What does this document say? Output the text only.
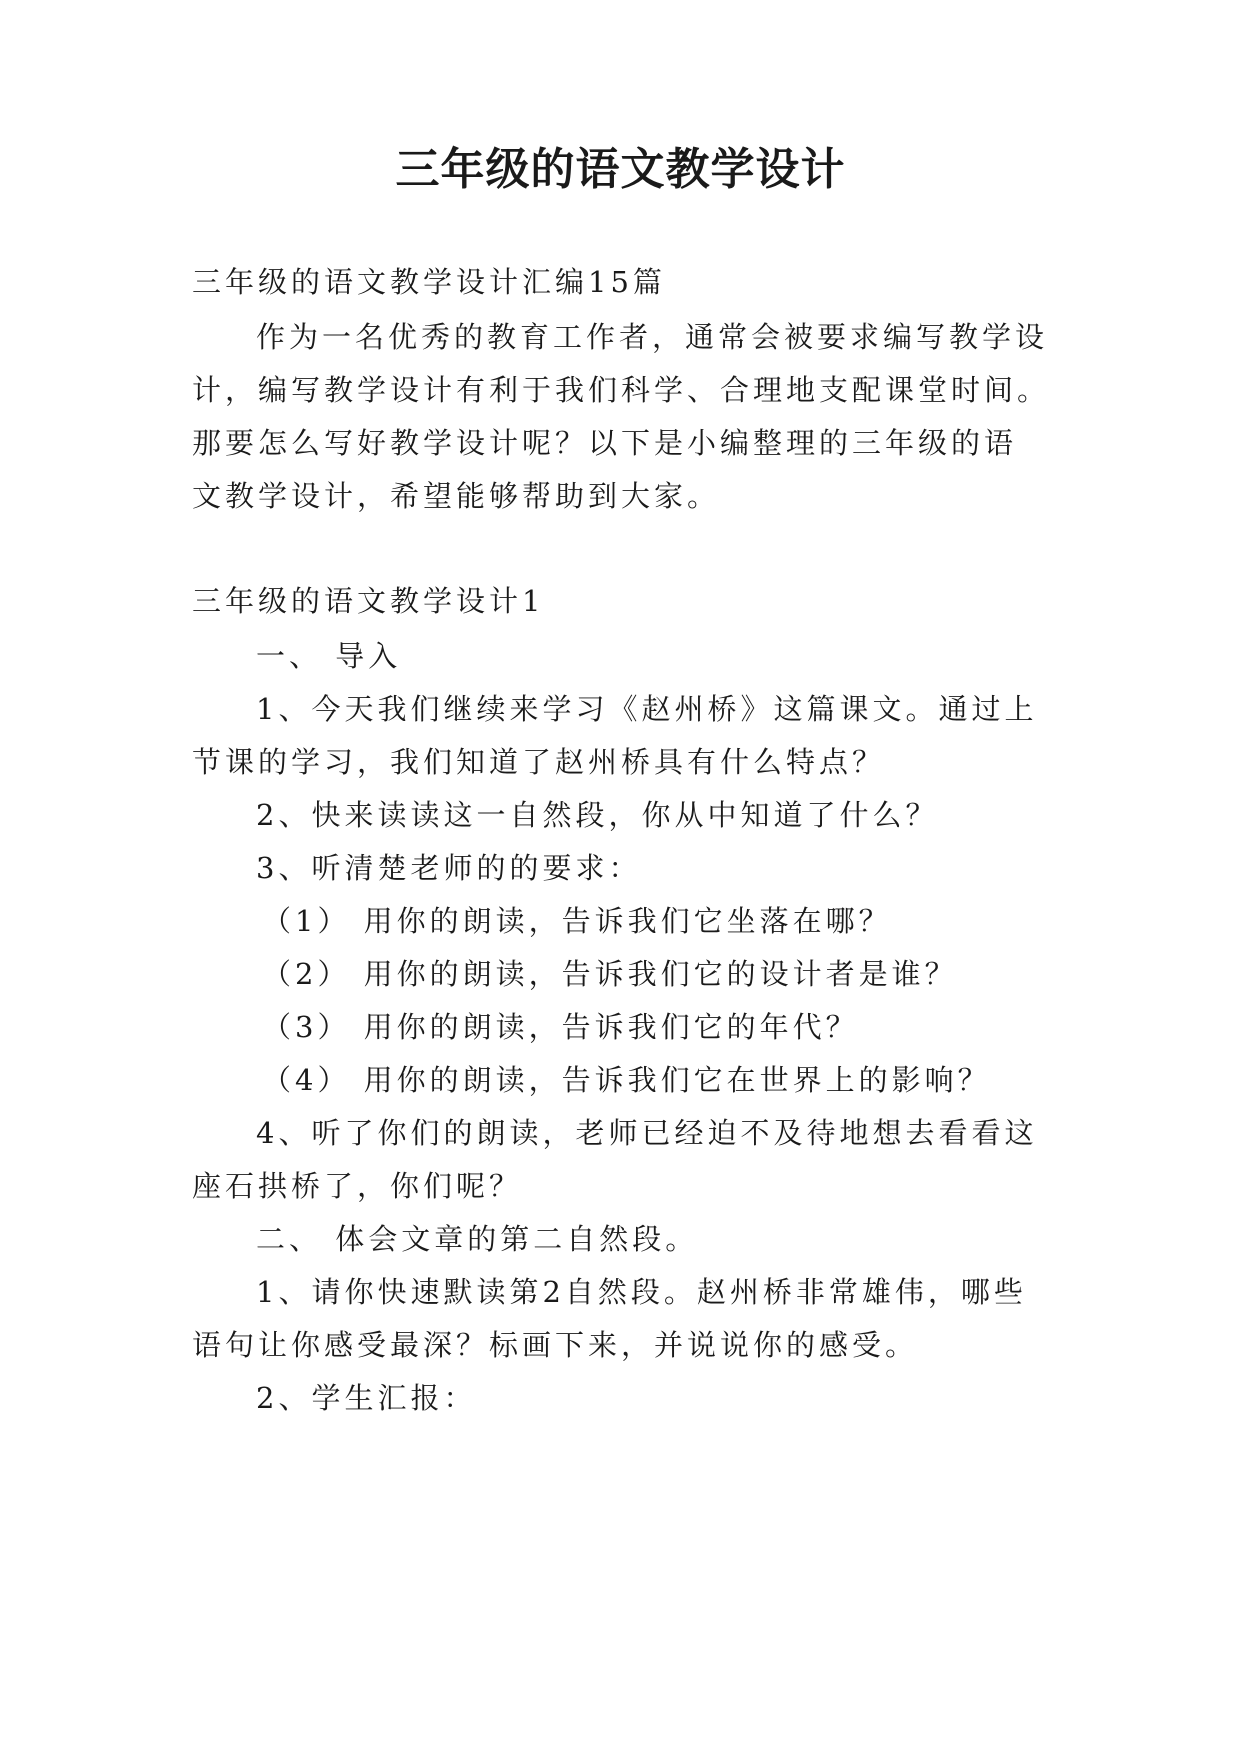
三年级的语文教学设计
三年级的语文教学设计汇编15篇
作为一名优秀的教育工作者，通常会被要求编写教学设
计，编写教学设计有利于我们科学、合理地支配课堂时间。
那要怎么写好教学设计呢？以下是小编整理的三年级的语
文教学设计，希望能够帮助到大家。
三年级的语文教学设计1
一、 导入
1、今天我们继续来学习《赵州桥》这篇课文。通过上
节课的学习，我们知道了赵州桥具有什么特点？
2、快来读读这一自然段，你从中知道了什么？
3、听清楚老师的的要求：
（1） 用你的朗读，告诉我们它坐落在哪？
（2） 用你的朗读，告诉我们它的设计者是谁？
（3） 用你的朗读，告诉我们它的年代？
（4） 用你的朗读，告诉我们它在世界上的影响？
4、听了你们的朗读，老师已经迫不及待地想去看看这
座石拱桥了，你们呢？
二、 体会文章的第二自然段。
1、请你快速默读第2自然段。赵州桥非常雄伟，哪些
语句让你感受最深？标画下来，并说说你的感受。
2、学生汇报：
